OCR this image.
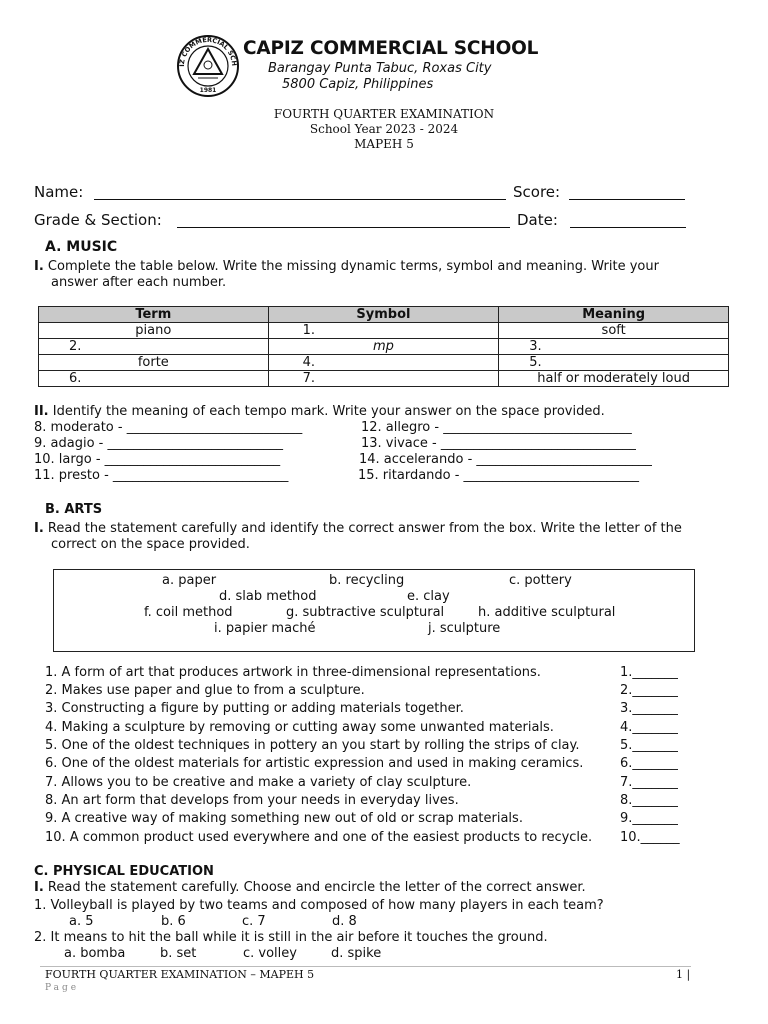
IZ COMMERCIAL SCH
1981
CAPIZ COMMERCIAL SCHOOL
Barangay Punta Tabuc, Roxas City
5800 Capiz, Philippines
FOURTH QUARTER EXAMINATION
School Year 2023 - 2024
MAPEH 5
Name:	Score:
Grade & Section:	Date:
A. MUSIC
I. Complete the table below. Write the missing dynamic terms, symbol and meaning. Write your
answer after each number.
Term	Symbol	Meaning
piano	1.	soft
2.	mp	3.
forte	4.	5.
6.	7.	half or moderately loud
II. Identify the meaning of each tempo mark. Write your answer on the space provided.
8. moderato - ___________________________
9. adagio - ___________________________
10. largo - ___________________________
11. presto - ___________________________
12. allegro - _____________________________
13. vivace - ______________________________
14. accelerando - ___________________________
15. ritardando - ___________________________
B. ARTS
I. Read the statement carefully and identify the correct answer from the box. Write the letter of the
correct on the space provided.
a. paper	b. recycling	c. pottery
d. slab method	e. clay
f. coil method	g. subtractive sculptural	h. additive sculptural
i. papier maché	j. sculpture
1. A form of art that produces artwork in three-dimensional representations.
2. Makes use paper and glue to from a sculpture.
3. Constructing a figure by putting or adding materials together.
4. Making a sculpture by removing or cutting away some unwanted materials.
5. One of the oldest techniques in pottery an you start by rolling the strips of clay.
6. One of the oldest materials for artistic expression and used in making ceramics.
7. Allows you to be creative and make a variety of clay sculpture.
8. An art form that develops from your needs in everyday lives.
9. A creative way of making something new out of old or scrap materials.
10. A common product used everywhere and one of the easiest products to recycle.
1._______
2._______
3._______
4._______
5._______
6._______
7._______
8._______
9._______
10.______
C. PHYSICAL EDUCATION
I. Read the statement carefully. Choose and encircle the letter of the correct answer.
1. Volleyball is played by two teams and composed of how many players in each team?
a. 5	b. 6	c. 7	d. 8
2. It means to hit the ball while it is still in the air before it touches the ground.
a. bomba	b. set	c. volley	d. spike
FOURTH QUARTER EXAMINATION – MAPEH 5	1 |
Page
